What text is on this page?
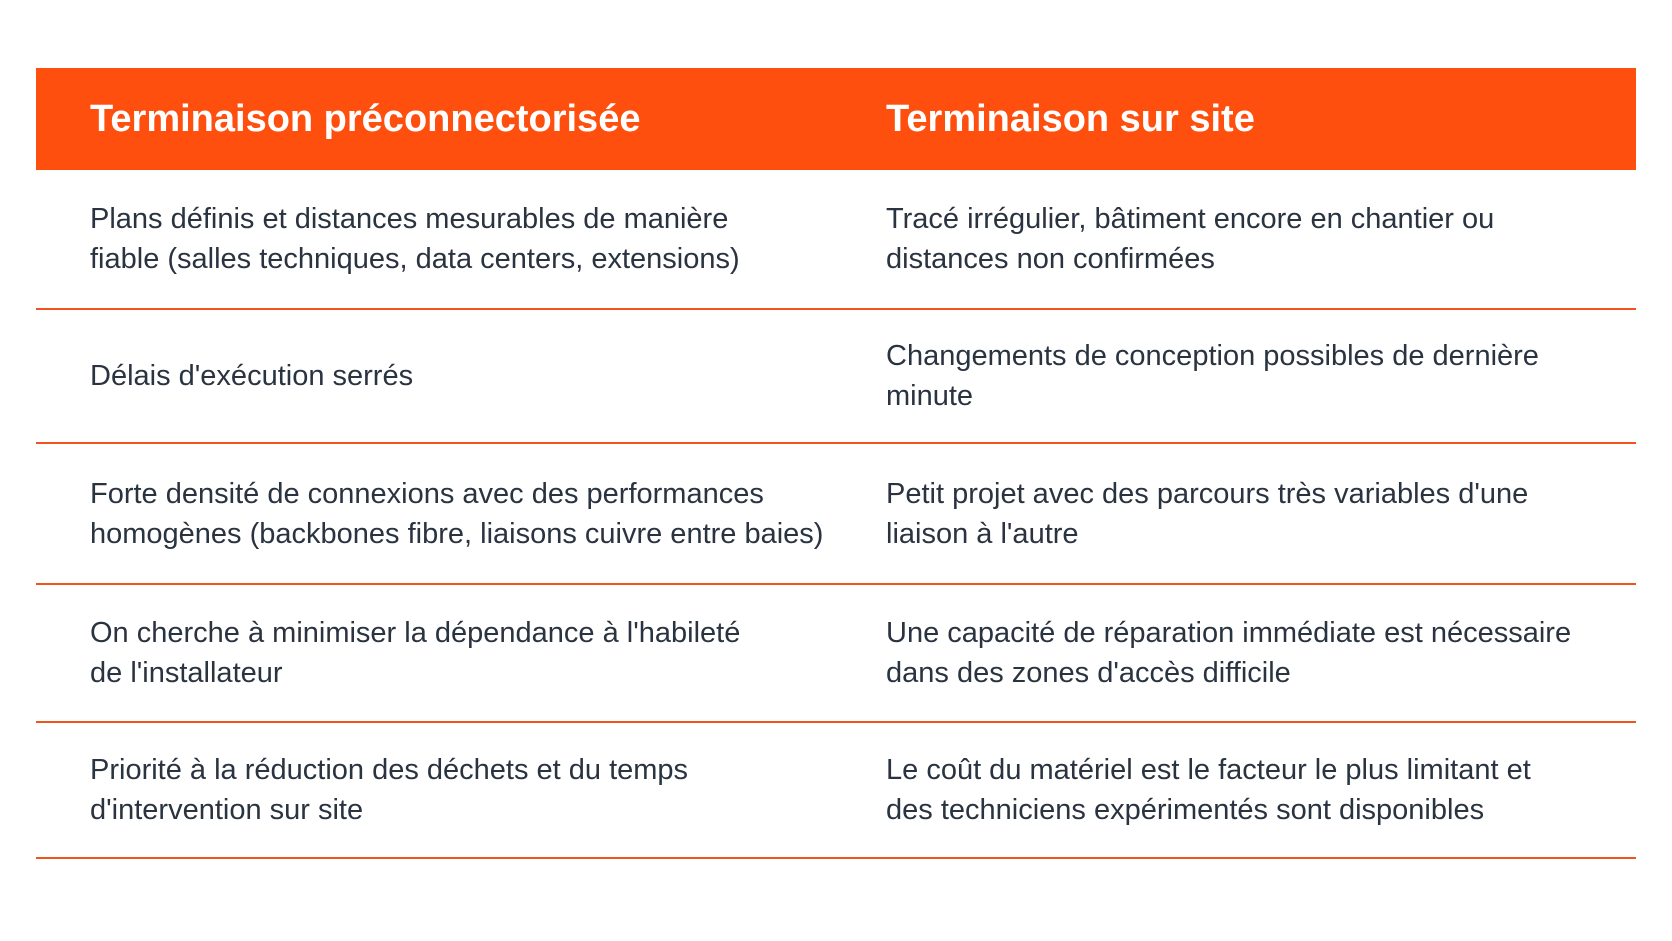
Terminaison préconnectorisée	Terminaison sur site
Plans définis et distances mesurables de manière
fiable (salles techniques, data centers, extensions)
Tracé irrégulier, bâtiment encore en chantier ou
distances non confirmées
Délais d'exécution serrés
Changements de conception possibles de dernière
minute
Forte densité de connexions avec des performances
homogènes (backbones fibre, liaisons cuivre entre baies)
Petit projet avec des parcours très variables d'une
liaison à l'autre
On cherche à minimiser la dépendance à l'habileté
de l'installateur
Une capacité de réparation immédiate est nécessaire
dans des zones d'accès difficile
Priorité à la réduction des déchets et du temps
d'intervention sur site
Le coût du matériel est le facteur le plus limitant et
des techniciens expérimentés sont disponibles
